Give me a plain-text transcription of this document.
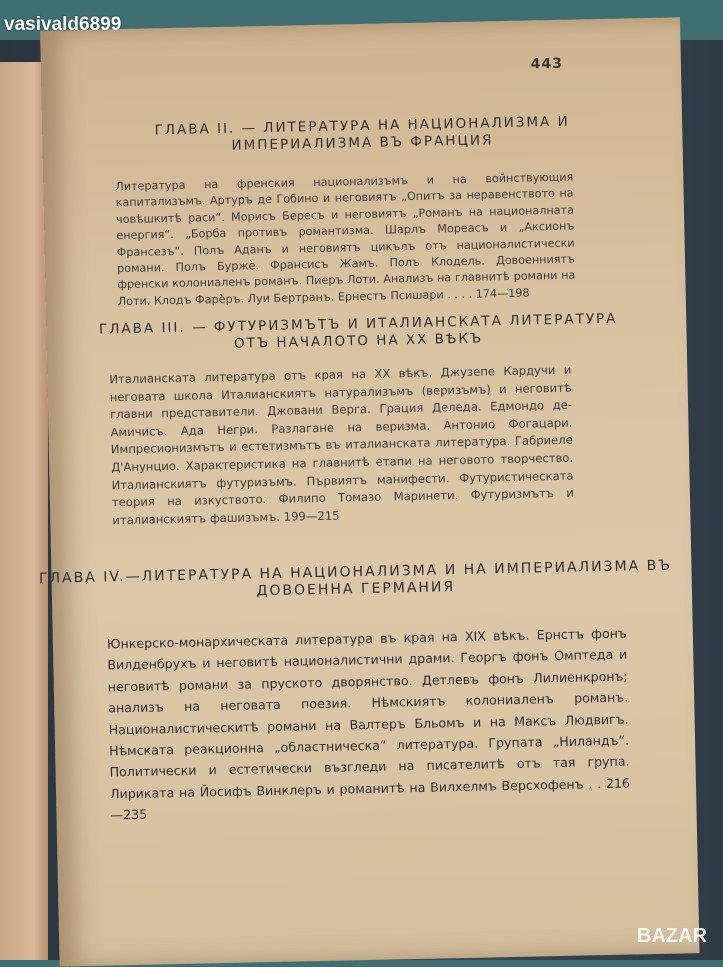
443
ГЛАВА II. — ЛИТЕРАТУРА НА НАЦИОНАЛИЗМА И
ИМПЕРИАЛИЗМА ВЪ ФРАНЦИЯ
Литература на френския национализъмъ и на войнствующия капитализъмъ. Артуръ де Гобино и неговиятъ „Опитъ за неравенството на човѣшкитѣ раси“. Морисъ Бересъ и неговиятъ „Романъ на националната енергия“. „Борба противъ романтизма. Шарлъ Мореасъ и „Аксионъ Франсезъ“. Полъ Аданъ и неговиятъ цикълъ отъ националистически романи. Полъ Буржѐ. Франсисъ Жамъ. Полъ Клодель. Довоенниятъ френски колониаленъ романъ. Пиеръ Лоти. Анализъ на главнитѣ романи на Лоти. Клодъ Фарѐръ. Луи Бертранъ. Ернестъ Псишари . . . . 174—198
ГЛАВА III. — ФУТУРИЗМЪТЪ И ИТАЛИАНСКАТА ЛИТЕРАТУРА
ОТЪ НАЧАЛОТО НА XX ВѢКЪ
Италианската литература отъ края на XX вѣкъ. Джузепе Кардучи и неговата школа Италианскиятъ натурализъмъ (веризъмъ) и неговитѣ главни представители. Джовани Верга. Грация Деледа. Едмондо де-Амичисъ. Ада Негри. Разлагане на веризма. Антонио Фогацари. Импресионизмътъ и естетизмътъ въ италианската литература. Габриеле Д'Анунцио. Характеристика на главнитѣ етапи на неговото творчество. Италианскиятъ футуризъмъ. Първиятъ манифести. Футуристическата теория на изкуството. Филипо Томазо Маринети. Футуризмътъ и италианскиятъ фашизъмъ. 199—215
ГЛАВА IV.—ЛИТЕРАТУРА НА НАЦИОНАЛИЗМА И НА ИМПЕРИАЛИЗМА ВЪ ДОВОЕННА ГЕРМАНИЯ
Юнкерско-монархическата литература въ края на XIX вѣкъ. Ернстъ фонъ Вилденбрухъ и неговитѣ националистични драми. Георгъ фонъ Омптеда и неговитѣ романи за пруското дворянство. Детлевъ фонъ Лилиенкронъ; анализъ на неговата поезия. Нѣмскиятъ колониаленъ романъ. Националистическитѣ романи на Валтеръ Бльомъ и на Максъ Людвигъ. Нѣмската реакционна „областническа“ литература. Групата „Ниландъ“. Политически и естетически възгледи на писателитѣ отъ тая група. Лириката на Йосифъ Винклеръ и романитѣ на Вилхелмъ Версхофенъ . . 216—235
vasivald6899
BAZAR
